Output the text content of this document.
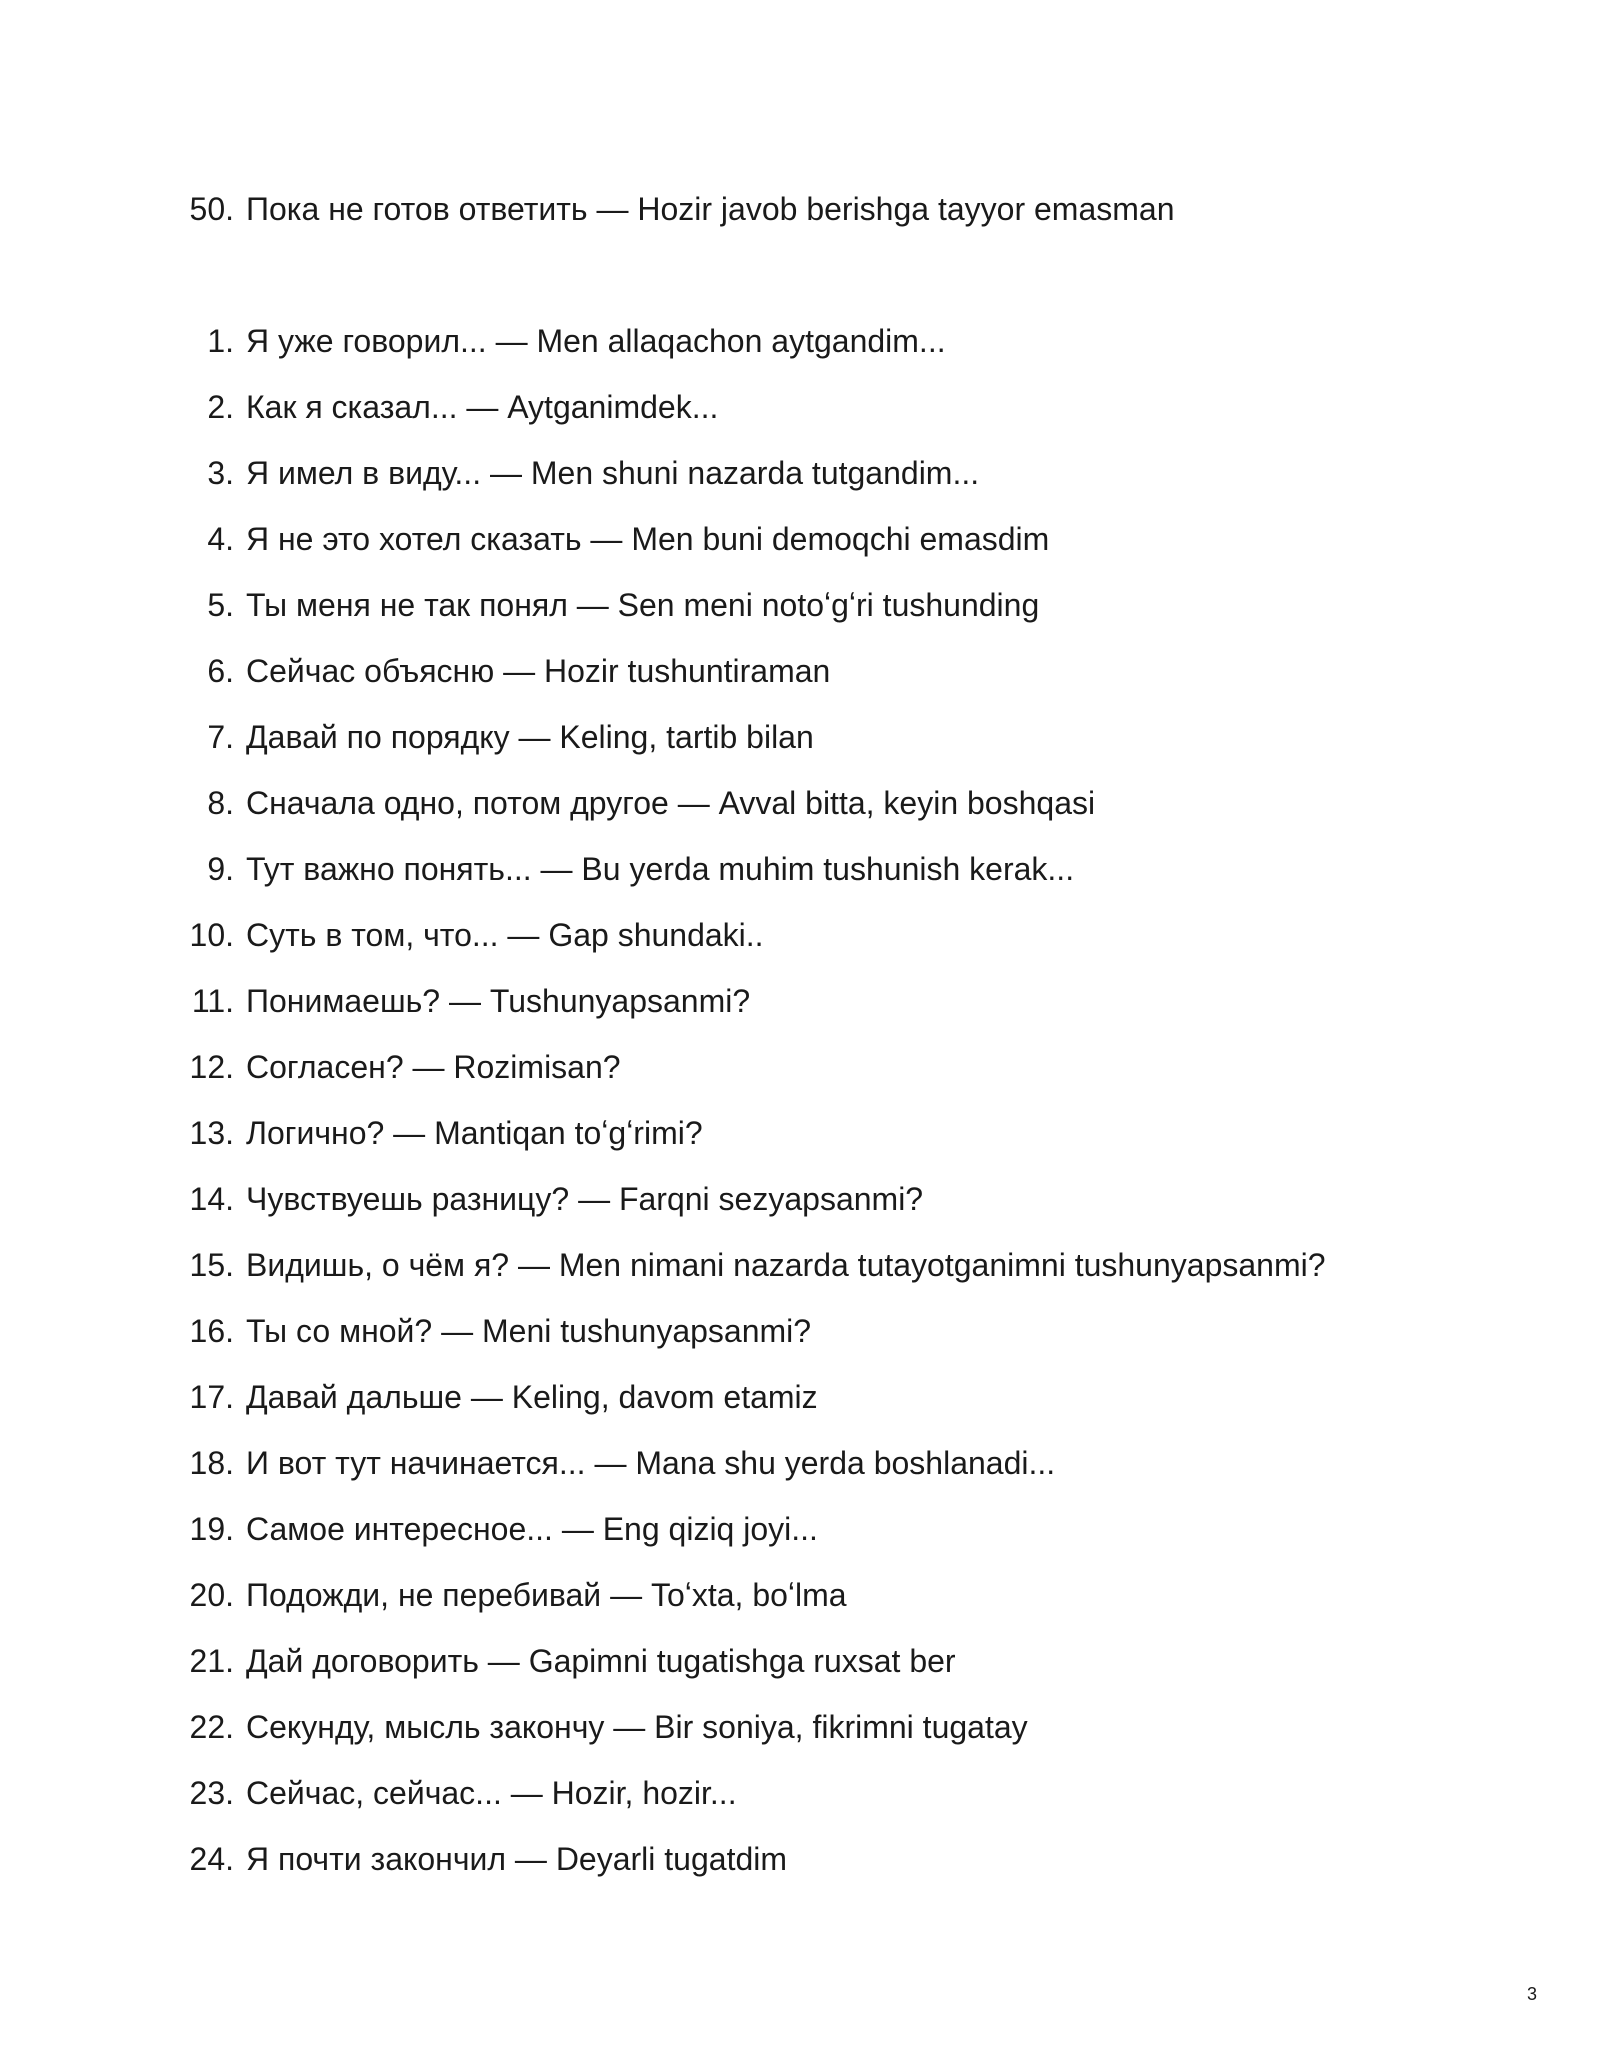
50. Пока не готов ответить — Hozir javob berishga tayyor emasman
1. Я уже говорил... — Men allaqachon aytgandim...
2. Как я сказал... — Aytganimdek...
3. Я имел в виду... — Men shuni nazarda tutgandim...
4. Я не это хотел сказать — Men buni demoqchi emasdim
5. Ты меня не так понял — Sen meni notoʻgʻri tushunding
6. Сейчас объясню — Hozir tushuntiraman
7. Давай по порядку — Keling, tartib bilan
8. Сначала одно, потом другое — Avval bitta, keyin boshqasi
9. Тут важно понять... — Bu yerda muhim tushunish kerak...
10. Суть в том, что... — Gap shundaki..
11. Понимаешь? — Tushunyapsanmi?
12. Согласен? — Rozimisan?
13. Логично? — Mantiqan toʻgʻrimi?
14. Чувствуешь разницу? — Farqni sezyapsanmi?
15. Видишь, о чём я? — Men nimani nazarda tutayotganimni tushunyapsanmi?
16. Ты со мной? — Meni tushunyapsanmi?
17. Давай дальше — Keling, davom etamiz
18. И вот тут начинается... — Mana shu yerda boshlanadi...
19. Самое интересное... — Eng qiziq joyi...
20. Подожди, не перебивай — Toʻxta, boʻlma
21. Дай договорить — Gapimni tugatishga ruxsat ber
22. Секунду, мысль закончу — Bir soniya, fikrimni tugatay
23. Сейчас, сейчас... — Hozir, hozir...
24. Я почти закончил — Deyarli tugatdim
3
